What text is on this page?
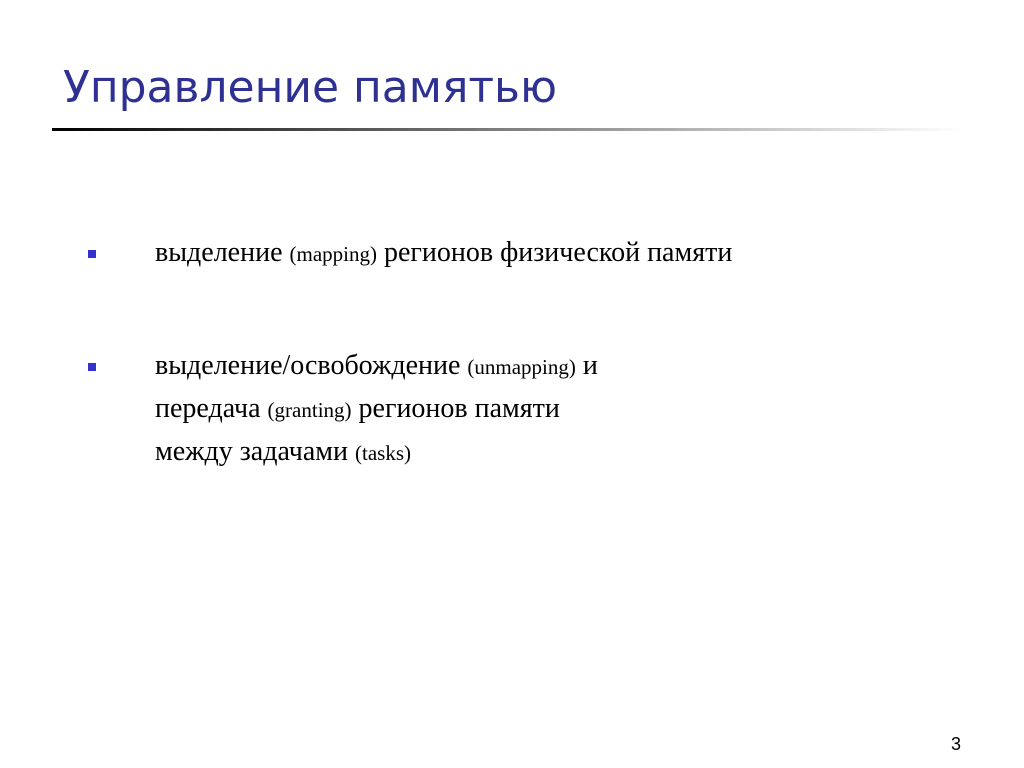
Управление памятью
выделение (mapping) регионов физической памяти
выделение/освобождение (unmapping) и
передача (granting) регионов памяти
между задачами (tasks)
3
